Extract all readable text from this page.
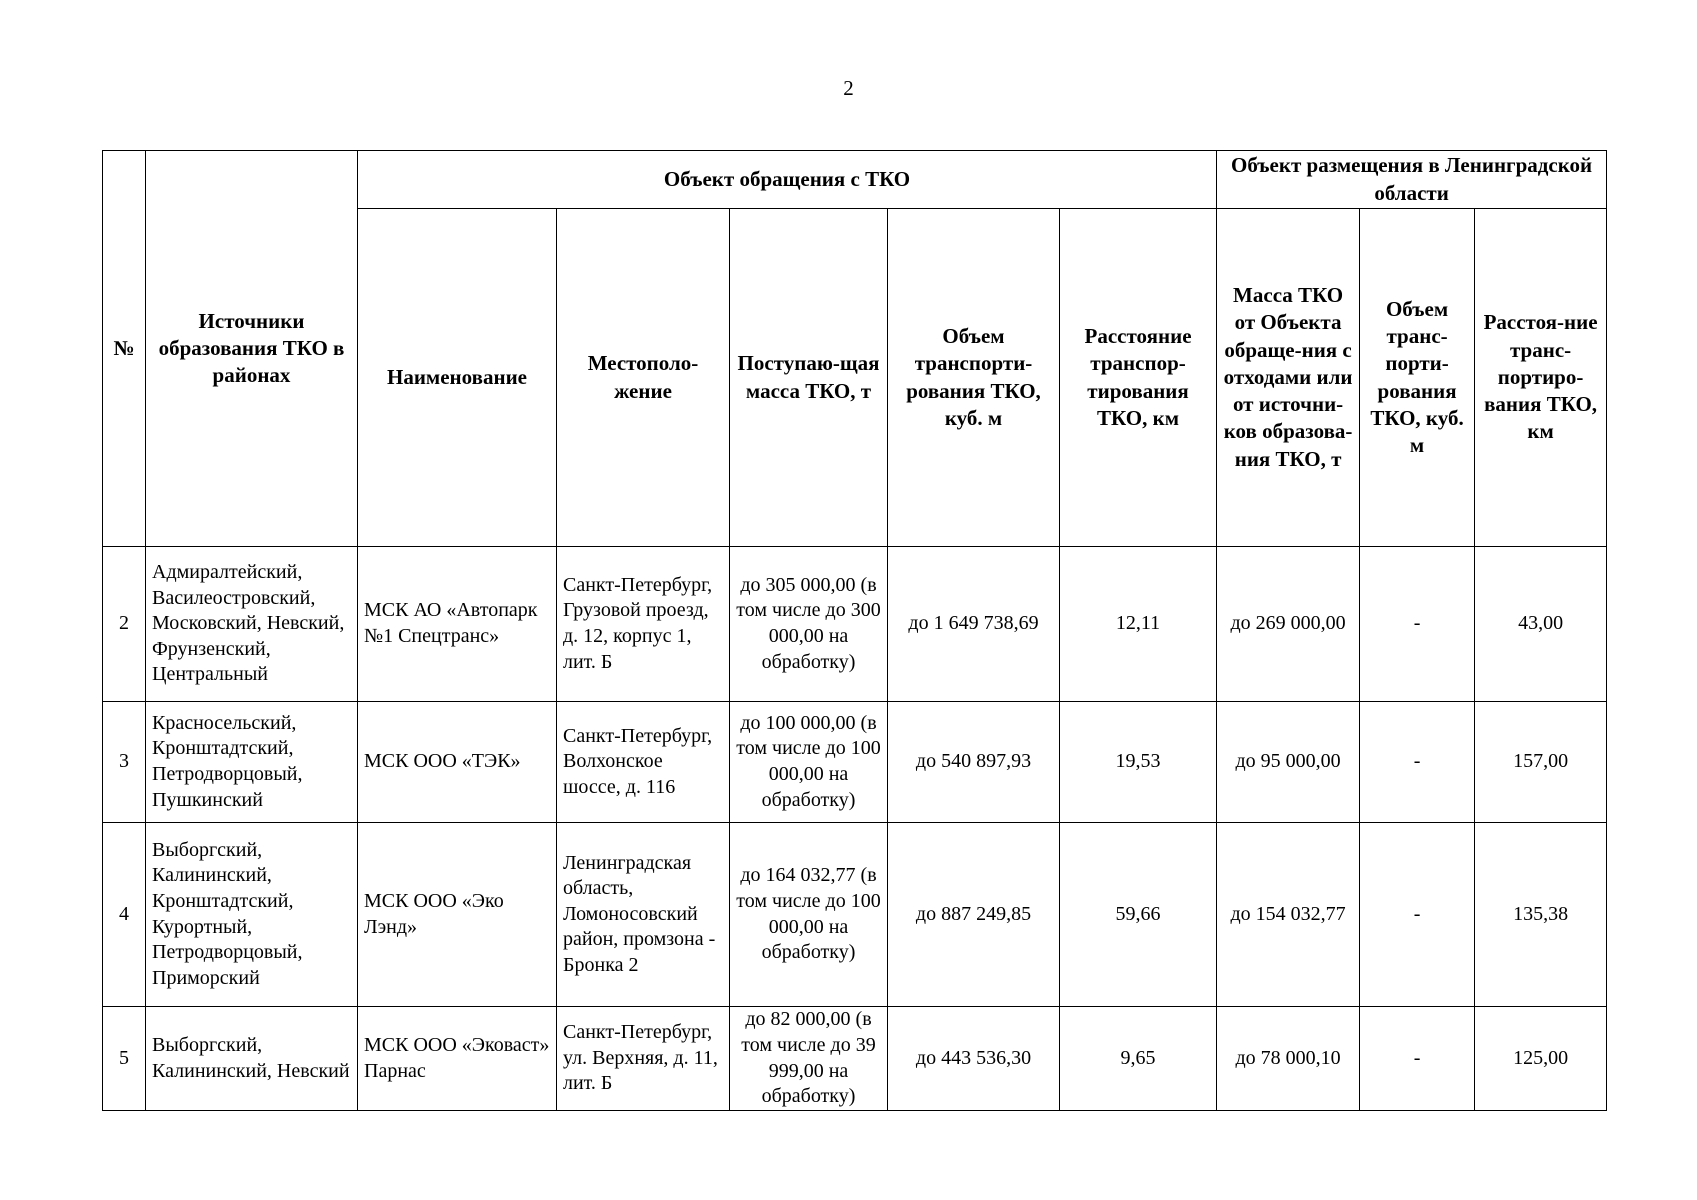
2
№	Источники образования ТКО в районах	Объект обращения с ТКО					Объект размещения в Ленинградской области		
		Наименование	Местополо-жение	Поступаю-щая масса ТКО, т	Объем транспорти-рования ТКО, куб. м	Расстояние транспор-тирования ТКО, км	Масса ТКО от Объекта обраще-ния с отходами или от источни-ков образова-ния ТКО, т	Объем транс-порти-рования ТКО, куб. м	Расстоя-ние транс-портиро-вания ТКО, км
2	Адмиралтейский, Василеостровский, Московский, Невский, Фрунзенский, Центральный	МСК АО «Автопарк №1 Спецтранс»	Санкт-Петербург, Грузовой проезд, д. 12, корпус 1, лит. Б	до 305 000,00 (в том числе до 300 000,00 на обработку)	до 1 649 738,69	12,11	до 269 000,00	-	43,00
3	Красносельский, Кронштадтский, Петродворцовый, Пушкинский	МСК ООО «ТЭК»	Санкт-Петербург, Волхонское шоссе, д. 116	до 100 000,00 (в том числе до 100 000,00 на обработку)	до 540 897,93	19,53	до 95 000,00	-	157,00
4	Выборгский, Калининский, Кронштадтский, Курортный, Петродворцовый, Приморский	МСК ООО «Эко Лэнд»	Ленинградская область, Ломоносовский район, промзона - Бронка 2	до 164 032,77 (в том числе до 100 000,00 на обработку)	до 887 249,85	59,66	до 154 032,77	-	135,38
5	Выборгский, Калининский, Невский	МСК ООО «Эковаст» Парнас	Санкт-Петербург, ул. Верхняя, д. 11, лит. Б	до 82 000,00 (в том числе до 39 999,00 на обработку)	до 443 536,30	9,65	до 78 000,10	-	125,00
